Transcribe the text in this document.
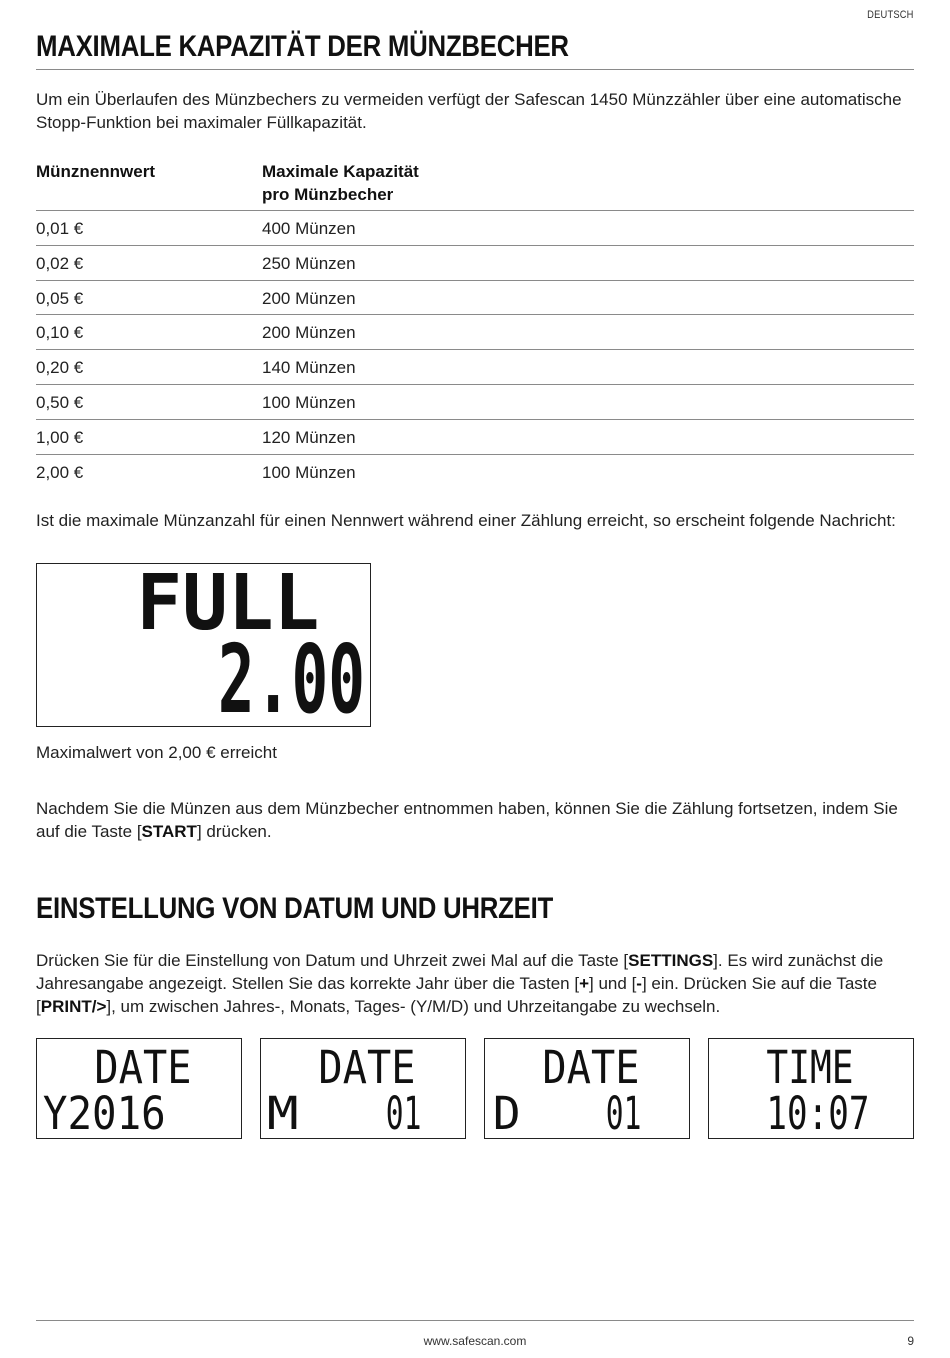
DEUTSCH
MAXIMALE KAPAZITÄT DER MÜNZBECHER
Um ein Überlaufen des Münzbechers zu vermeiden verfügt der Safescan 1450 Münzzähler über eine automatische Stopp-Funktion bei maximaler Füllkapazität.
Münznennwert	Maximale Kapazität
pro Münzbecher
0,01 €	400 Münzen
0,02 €	250 Münzen
0,05 €	200 Münzen
0,10 €	200 Münzen
0,20 €	140 Münzen
0,50 €	100 Münzen
1,00 €	120 Münzen
2,00 €	100 Münzen
Ist die maximale Münzanzahl für einen Nennwert während einer Zählung erreicht, so erscheint folgende Nachricht:
FULL
2.00
Maximalwert von 2,00 € erreicht
Nachdem Sie die Münzen aus dem Münzbecher entnommen haben, können Sie die Zählung fortsetzen, indem Sie auf die Taste [START] drücken.
EINSTELLUNG VON DATUM UND UHRZEIT
Drücken Sie für die Einstellung von Datum und Uhrzeit zwei Mal auf die Taste [SETTINGS]. Es wird zunächst die Jahresangabe angezeigt. Stellen Sie das korrekte Jahr über die Tasten [+] und [-] ein. Drücken Sie auf die Taste [PRINT/>], um zwischen Jahres-, Monats, Tages- (Y/M/D) und Uhrzeitangabe zu wechseln.
DATE
Y2016
DATE
M 01
DATE
D 01
TIME
10:07
www.safescan.com	9
